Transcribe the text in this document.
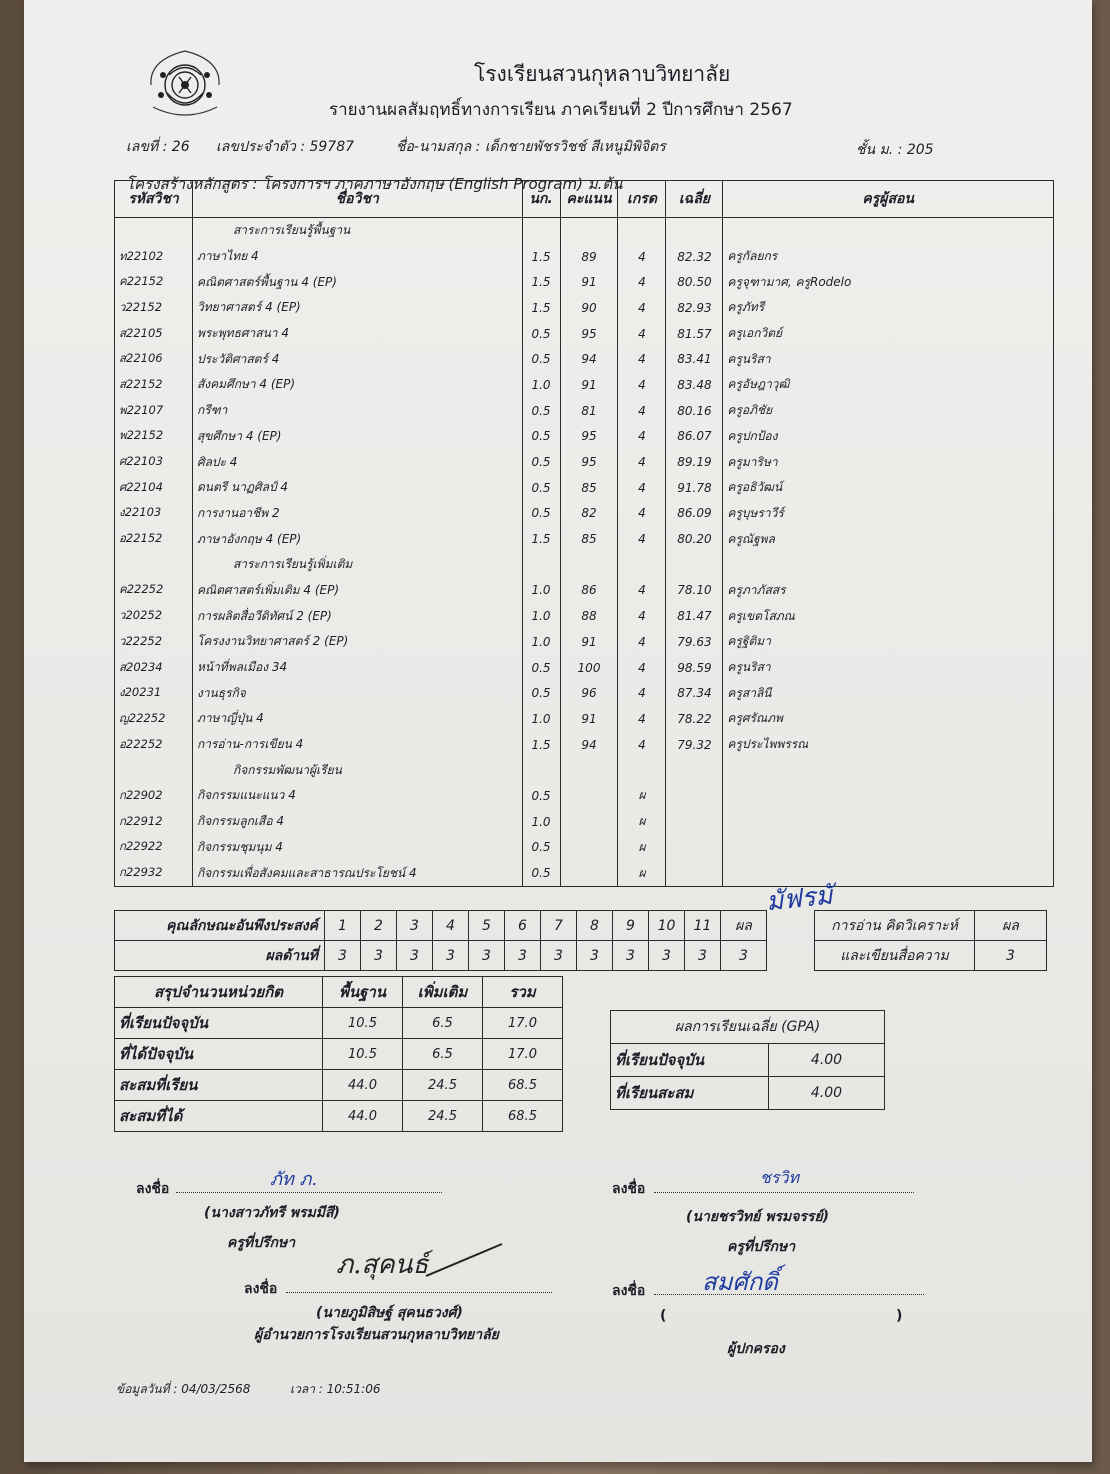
โรงเรียนสวนกุหลาบวิทยาลัย
รายงานผลสัมฤทธิ์ทางการเรียน ภาคเรียนที่ 2 ปีการศึกษา 2567
เลขที่ : 26 เลขประจำตัว : 59787	ชื่อ-นามสกุล : เด็กชายพัชรวิชช์ สีเหนูมิพิจิตร	ชั้น ม. : 205
โครงสร้างหลักสูตร : โครงการฯ ภาคภาษาอังกฤษ (English Program) ม.ต้น
รหัสวิชา	ชื่อวิชา	นก.	คะแนน	เกรด	เฉลี่ย	ครูผู้สอน
	สาระการเรียนรู้พื้นฐาน					
ท22102	ภาษาไทย 4	1.5	89	4	82.32	ครูกัลยกร
ค22152	คณิตศาสตร์พื้นฐาน 4 (EP)	1.5	91	4	80.50	ครูจุฑามาศ, ครูRodelo
ว22152	วิทยาศาสตร์ 4 (EP)	1.5	90	4	82.93	ครูภัทรี
ส22105	พระพุทธศาสนา 4	0.5	95	4	81.57	ครูเอกวิตย์
ส22106	ประวัติศาสตร์ 4	0.5	94	4	83.41	ครูนริสา
ส22152	สังคมศึกษา 4 (EP)	1.0	91	4	83.48	ครูอัษฎาวุฒิ
พ22107	กรีฑา	0.5	81	4	80.16	ครูอภิชัย
พ22152	สุขศึกษา 4 (EP)	0.5	95	4	86.07	ครูปกป้อง
ศ22103	ศิลปะ 4	0.5	95	4	89.19	ครูมาริษา
ศ22104	ดนตรี นาฏศิลป์ 4	0.5	85	4	91.78	ครูอธิวัฒน์
ง22103	การงานอาชีพ 2	0.5	82	4	86.09	ครูบุษราวีร์
อ22152	ภาษาอังกฤษ 4 (EP)	1.5	85	4	80.20	ครูณัฐพล
	สาระการเรียนรู้เพิ่มเติม					
ค22252	คณิตศาสตร์เพิ่มเติม 4 (EP)	1.0	86	4	78.10	ครูภาภัสสร
ว20252	การผลิตสื่อวีดิทัศน์ 2 (EP)	1.0	88	4	81.47	ครูเขตโสภณ
ว22252	โครงงานวิทยาศาสตร์ 2 (EP)	1.0	91	4	79.63	ครูฐิติมา
ส20234	หน้าที่พลเมือง 34	0.5	100	4	98.59	ครูนริสา
ง20231	งานธุรกิจ	0.5	96	4	87.34	ครูสาลินี
ญ22252	ภาษาญี่ปุ่น 4	1.0	91	4	78.22	ครูศรัณภพ
อ22252	การอ่าน-การเขียน 4	1.5	94	4	79.32	ครูประไพพรรณ
	กิจกรรมพัฒนาผู้เรียน					
ก22902	กิจกรรมแนะแนว 4	0.5		ผ		
ก22912	กิจกรรมลูกเสือ 4	1.0		ผ		
ก22922	กิจกรรมชุมนุม 4	0.5		ผ		
ก22932	กิจกรรมเพื่อสังคมและสาธารณประโยชน์ 4	0.5		ผ		
มัฟรมั
คุณลักษณะอันพึงประสงค์	1	2	3	4	5	6	7	8	9	10	11	ผล		การอ่าน คิดวิเคราะห์	ผล
ผลด้านที่	3	3	3	3	3	3	3	3	3	3	3	3		และเขียนสื่อความ	3
สรุปจำนวนหน่วยกิต	พื้นฐาน	เพิ่มเติม	รวม
ที่เรียนปัจจุบัน	10.5	6.5	17.0
ที่ได้ปัจจุบัน	10.5	6.5	17.0
สะสมที่เรียน	44.0	24.5	68.5
สะสมที่ได้	44.0	24.5	68.5
ผลการเรียนเฉลี่ย (GPA)	
ที่เรียนปัจจุบัน	4.00
ที่เรียนสะสม	4.00
ลงชื่อ	ภัท ภ.
(นางสาวภัทรี พรมมีสี)
ครูที่ปรึกษา
ลงชื่อ
ชรวิท
(นายชรวิทย์ พรมจรรย์)
ครูที่ปรึกษา
ลงชื่อ
ภ.สุคนธ์
(นายภูมิสิษฐ์ สุคนธวงศ์)
ผู้อำนวยการโรงเรียนสวนกุหลาบวิทยาลัย
ลงชื่อ สมศักดิ์
(	)
ผู้ปกครอง
ข้อมูลวันที่ : 04/03/2568	เวลา : 10:51:06
